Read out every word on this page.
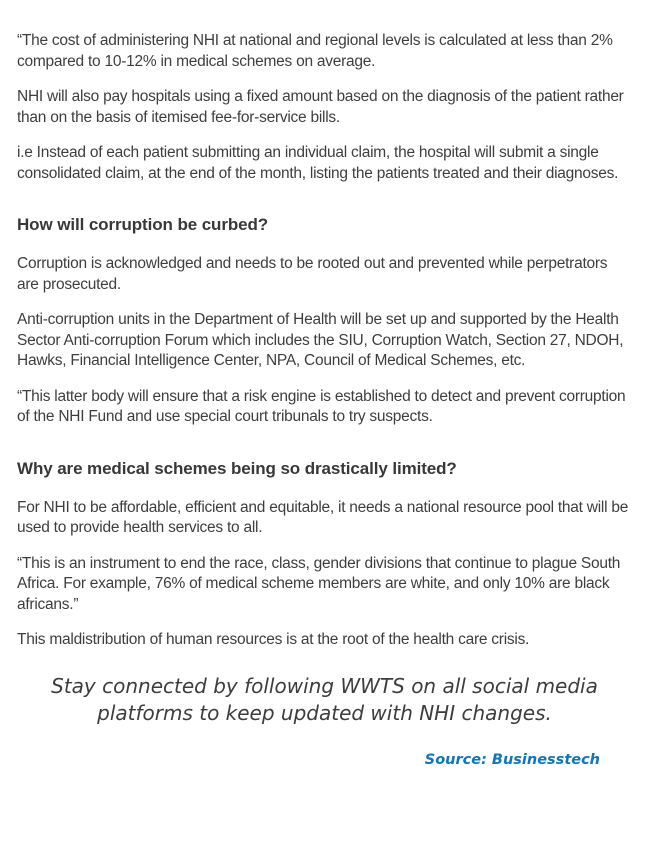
“The cost of administering NHI at national and regional levels is calculated at less than 2% compared to 10-12% in medical schemes on average.

NHI will also pay hospitals using a fixed amount based on the diagnosis of the patient rather than on the basis of itemised fee-for-service bills.

i.e Instead of each patient submitting an individual claim, the hospital will submit a single consolidated claim, at the end of the month, listing the patients treated and their diagnoses.

How will corruption be curbed?

Corruption is acknowledged and needs to be rooted out and prevented while perpetrators are prosecuted.

Anti-corruption units in the Department of Health will be set up and supported by the Health Sector Anti-corruption Forum which includes the SIU, Corruption Watch, Section 27, NDOH, Hawks, Financial Intelligence Center, NPA, Council of Medical Schemes, etc.

“This latter body will ensure that a risk engine is established to detect and prevent corruption of the NHI Fund and use special court tribunals to try suspects.

Why are medical schemes being so drastically limited?

For NHI to be affordable, efficient and equitable, it needs a national resource pool that will be used to provide health services to all.

“This is an instrument to end the race, class, gender divisions that continue to plague South Africa. For example, 76% of medical scheme members are white, and only 10% are black africans.”

This maldistribution of human resources is at the root of the health care crisis.

Stay connected by following WWTS on all social media platforms to keep updated with NHI changes.
Source: Businesstech
